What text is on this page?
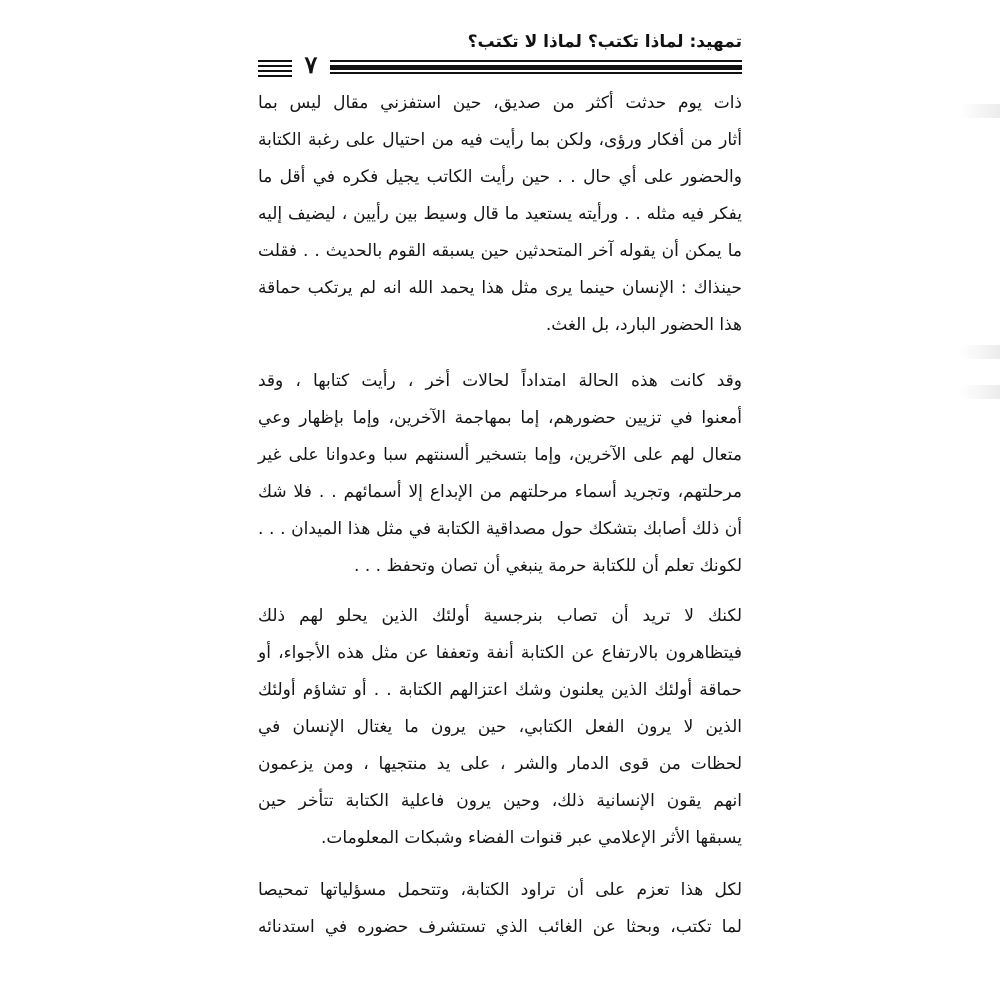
تمهيد: لماذا تكتب؟ لماذا لا تكتب؟
٧
ذات يوم حدثت أكثر من صديق، حين استفزني مقال ليس بما
أثار من أفكار ورؤى، ولكن بما رأيت فيه من احتيال على رغبة الكتابة
والحضور على أي حال . . حين رأيت الكاتب يجيل فكره في أقل ما
يفكر فيه مثله . . ورأيته يستعيد ما قال وسيط بين رأيين ، ليضيف إليه
ما يمكن أن يقوله آخر المتحدثين حين يسبقه القوم بالحديث . . فقلت
حينذاك : الإنسان حينما يرى مثل هذا يحمد الله انه لم يرتكب حماقة
هذا الحضور البارد، بل الغث.
وقد كانت هذه الحالة امتداداً لحالات أخر ، رأيت كتابها ، وقد
أمعنوا في تزيين حضورهم، إما بمهاجمة الآخرين، وإما بإظهار وعي
متعال لهم على الآخرين، وإما بتسخير ألسنتهم سبا وعدوانا على غير
مرحلتهم، وتجريد أسماء مرحلتهم من الإبداع إلا أسمائهم . . فلا شك
أن ذلك أصابك بتشكك حول مصداقية الكتابة في مثل هذا الميدان . . .
لكونك تعلم أن للكتابة حرمة ينبغي أن تصان وتحفظ . . .
لكنك لا تريد أن تصاب بنرجسية أولئك الذين يحلو لهم ذلك
فيتظاهرون بالارتفاع عن الكتابة أنفة وتعففا عن مثل هذه الأجواء، أو
حماقة أولئك الذين يعلنون وشك اعتزالهم الكتابة . . أو تشاؤم أولئك
الذين لا يرون الفعل الكتابي، حين يرون ما يغتال الإنسان في
لحظات من قوى الدمار والشر ، على يد منتجيها ، ومن يزعمون
انهم يقون الإنسانية ذلك، وحين يرون فاعلية الكتابة تتأخر حين
يسبقها الأثر الإعلامي عبر قنوات الفضاء وشبكات المعلومات.
لكل هذا تعزم على أن تراود الكتابة، وتتحمل مسؤلياتها تمحيصا
لما تكتب، وبحثا عن الغائب الذي تستشرف حضوره في استدنائه
